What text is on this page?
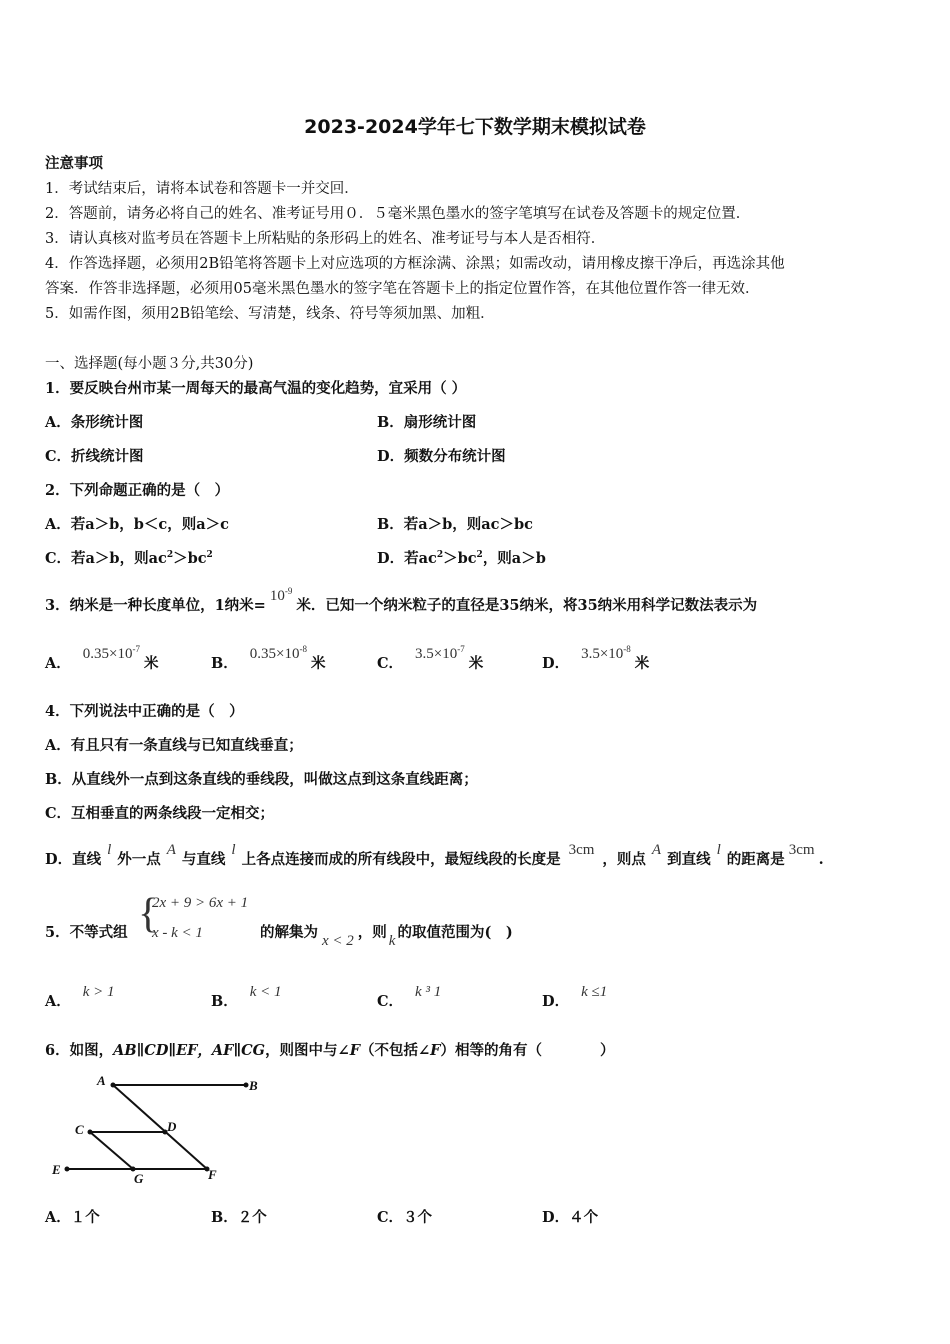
2023-2024学年七下数学期末模拟试卷
注意事项
1．考试结束后，请将本试卷和答题卡一并交回．
2．答题前，请务必将自己的姓名、准考证号用０．５毫米黑色墨水的签字笔填写在试卷及答题卡的规定位置．
3．请认真核对监考员在答题卡上所粘贴的条形码上的姓名、准考证号与本人是否相符．
4．作答选择题，必须用2B铅笔将答题卡上对应选项的方框涂满、涂黑；如需改动，请用橡皮擦干净后，再选涂其他
答案．作答非选择题，必须用05毫米黑色墨水的签字笔在答题卡上的指定位置作答，在其他位置作答一律无效．
5．如需作图，须用2B铅笔绘、写清楚，线条、符号等须加黑、加粗．
一、选择题(每小题３分,共30分)
1．要反映台州市某一周每天的最高气温的变化趋势，宜采用（ ）
A．条形统计图	B．扇形统计图
C．折线统计图	D．频数分布统计图
2．下列命题正确的是（　）
A．若a＞b，b＜c，则a＞c	B．若a＞b，则ac＞bc
C．若a＞b，则$ac^2>bc^2$	D．若$ac^2>bc^2$，则a＞b
3．纳米是一种长度单位，1纳米$=10^{-9}$米．已知一个纳米粒子的直径是35纳米，将35纳米用科学记数法表示为
A．$0.35\times 10^{-7}$米	B．$0.35\times 10^{-8}$米	C．$3.5\times 10^{-7}$米	D．$3.5\times 10^{-8}$米
4．下列说法中正确的是（　）
A．有且只有一条直线与已知直线垂直；
B．从直线外一点到这条直线的垂线段，叫做这点到这条直线距离；
C．互相垂直的两条线段一定相交；
D．直线l外一点A与直线l上各点连接而成的所有线段中，最短线段的长度是3cm，则点A到直线l的距离是3cm.
5．不等式组 {
2x + 9 > 6x + 1
x - k < 1	的解集为 x < 2 ，则 k 的取值范围为(　)
A．k > 1
B．k < 1
C．k ³ 1
D．k ≤1
6．如图，AB∥CD∥EF，AF∥CG，则图中与∠F（不包括∠F）相等的角有（　　　　）
A	B
C	D
E
G	F
A．１个	B．２个	C．３个	D．４个
